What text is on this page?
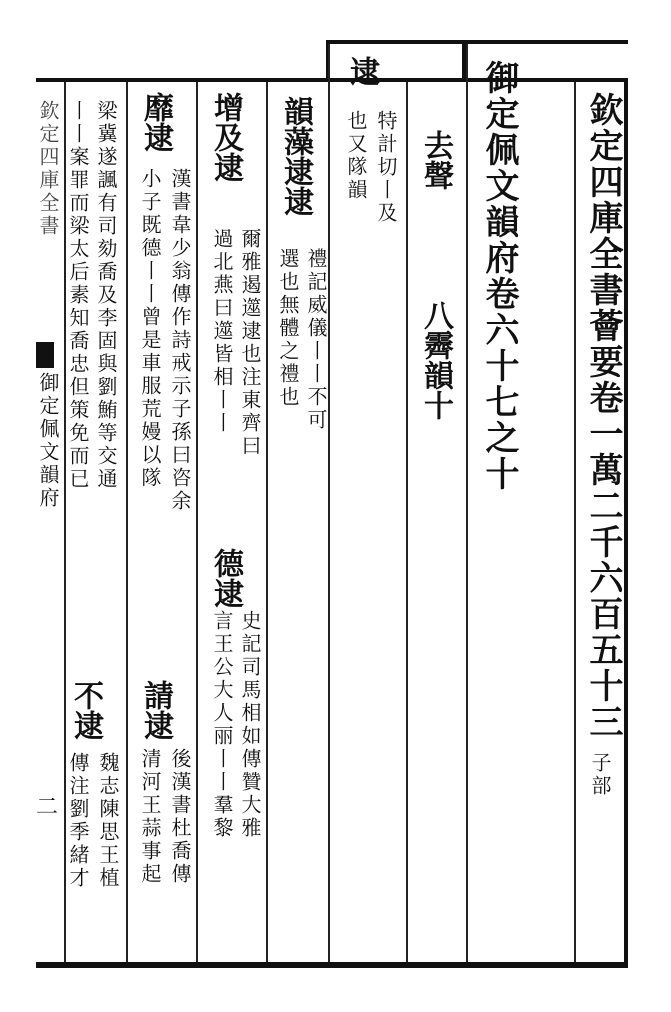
欽定四庫全書薈要卷一萬二千六百五十三
子部
御定佩文韻府卷六十七之十
去聲
八霽韻十
逮
特計切丨及
也又隊韻
韻藻逮逮
禮記威儀丨丨不可
選也無體之禮也
增及逮
爾雅遏遾逮也注東齊曰
過北燕曰遾皆相丨丨
德逮
史記司馬相如傳贊大雅
言王公大人丽丨丨羣黎
靡逮
漢書韋少翁傳作詩戒示子孫曰咨余
小子既德丨丨曾是車服荒嫚以隊
請逮
後漢書杜喬傳
清河王蒜事起
梁冀遂諷有司劾喬及李固與劉鮪等交通
丨丨案罪而梁太后素知喬忠但策免而已
不逮
魏志陳思王植
傳注劉季緒才
欽定四庫全書
御定佩文韻府
二
